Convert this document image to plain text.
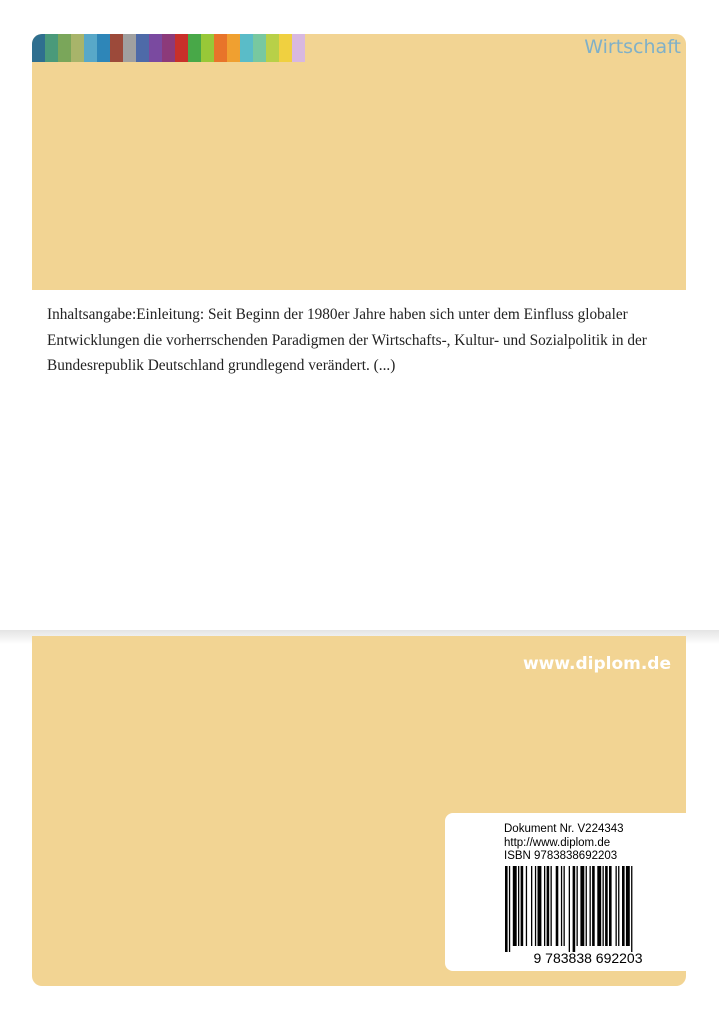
Wirtschaft

Inhaltsangabe:Einleitung: Seit Beginn der 1980er Jahre haben sich unter dem Einfluss globaler Entwicklungen die vorherrschenden Paradigmen der Wirtschafts-, Kultur- und Sozialpolitik in der Bundesrepublik Deutschland grundlegend verändert. (...)

www.diplom.de
Dokument Nr. V224343
http://www.diplom.de
ISBN 9783838692203
9 783838 692203
